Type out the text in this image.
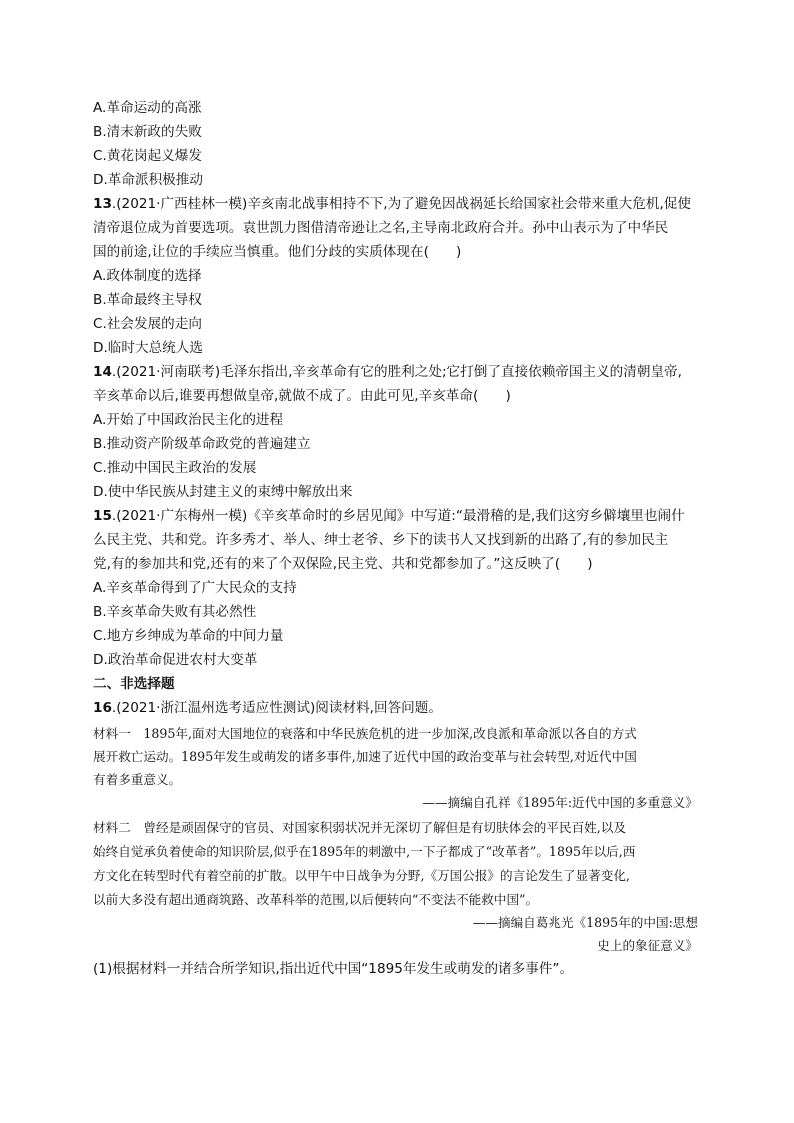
A.革命运动的高涨
B.清末新政的失败
C.黄花岗起义爆发
D.革命派积极推动
13.(2021·广西桂林一模)辛亥南北战事相持不下,为了避免因战祸延长给国家社会带来重大危机,促使
清帝退位成为首要选项。袁世凯力图借清帝逊让之名,主导南北政府合并。孙中山表示为了中华民
国的前途,让位的手续应当慎重。他们分歧的实质体现在(　　)
A.政体制度的选择
B.革命最终主导权
C.社会发展的走向
D.临时大总统人选
14.(2021·河南联考)毛泽东指出,辛亥革命有它的胜利之处;它打倒了直接依赖帝国主义的清朝皇帝,
辛亥革命以后,谁要再想做皇帝,就做不成了。由此可见,辛亥革命(　　)
A.开始了中国政治民主化的进程
B.推动资产阶级革命政党的普遍建立
C.推动中国民主政治的发展
D.使中华民族从封建主义的束缚中解放出来
15.(2021·广东梅州一模)《辛亥革命时的乡居见闻》中写道:“最滑稽的是,我们这穷乡僻壤里也闹什
么民主党、共和党。许多秀才、举人、绅士老爷、乡下的读书人又找到新的出路了,有的参加民主
党,有的参加共和党,还有的来了个双保险,民主党、共和党都参加了。”这反映了(　　)
A.辛亥革命得到了广大民众的支持
B.辛亥革命失败有其必然性
C.地方乡绅成为革命的中间力量
D.政治革命促进农村大变革
二、非选择题
16.(2021·浙江温州选考适应性测试)阅读材料,回答问题。
材料一　1895年,面对大国地位的衰落和中华民族危机的进一步加深,改良派和革命派以各自的方式
展开救亡运动。1895年发生或萌发的诸多事件,加速了近代中国的政治变革与社会转型,对近代中国
有着多重意义。
——摘编自孔祥《1895年:近代中国的多重意义》
材料二　曾经是顽固保守的官员、对国家积弱状况并无深切了解但是有切肤体会的平民百姓,以及
始终自觉承负着使命的知识阶层,似乎在1895年的刺激中,一下子都成了“改革者”。1895年以后,西
方文化在转型时代有着空前的扩散。以甲午中日战争为分野,《万国公报》的言论发生了显著变化,
以前大多没有超出通商筑路、改革科举的范围,以后便转向“不变法不能救中国”。
——摘编自葛兆光《1895年的中国:思想
史上的象征意义》
(1)根据材料一并结合所学知识,指出近代中国“1895年发生或萌发的诸多事件”。
